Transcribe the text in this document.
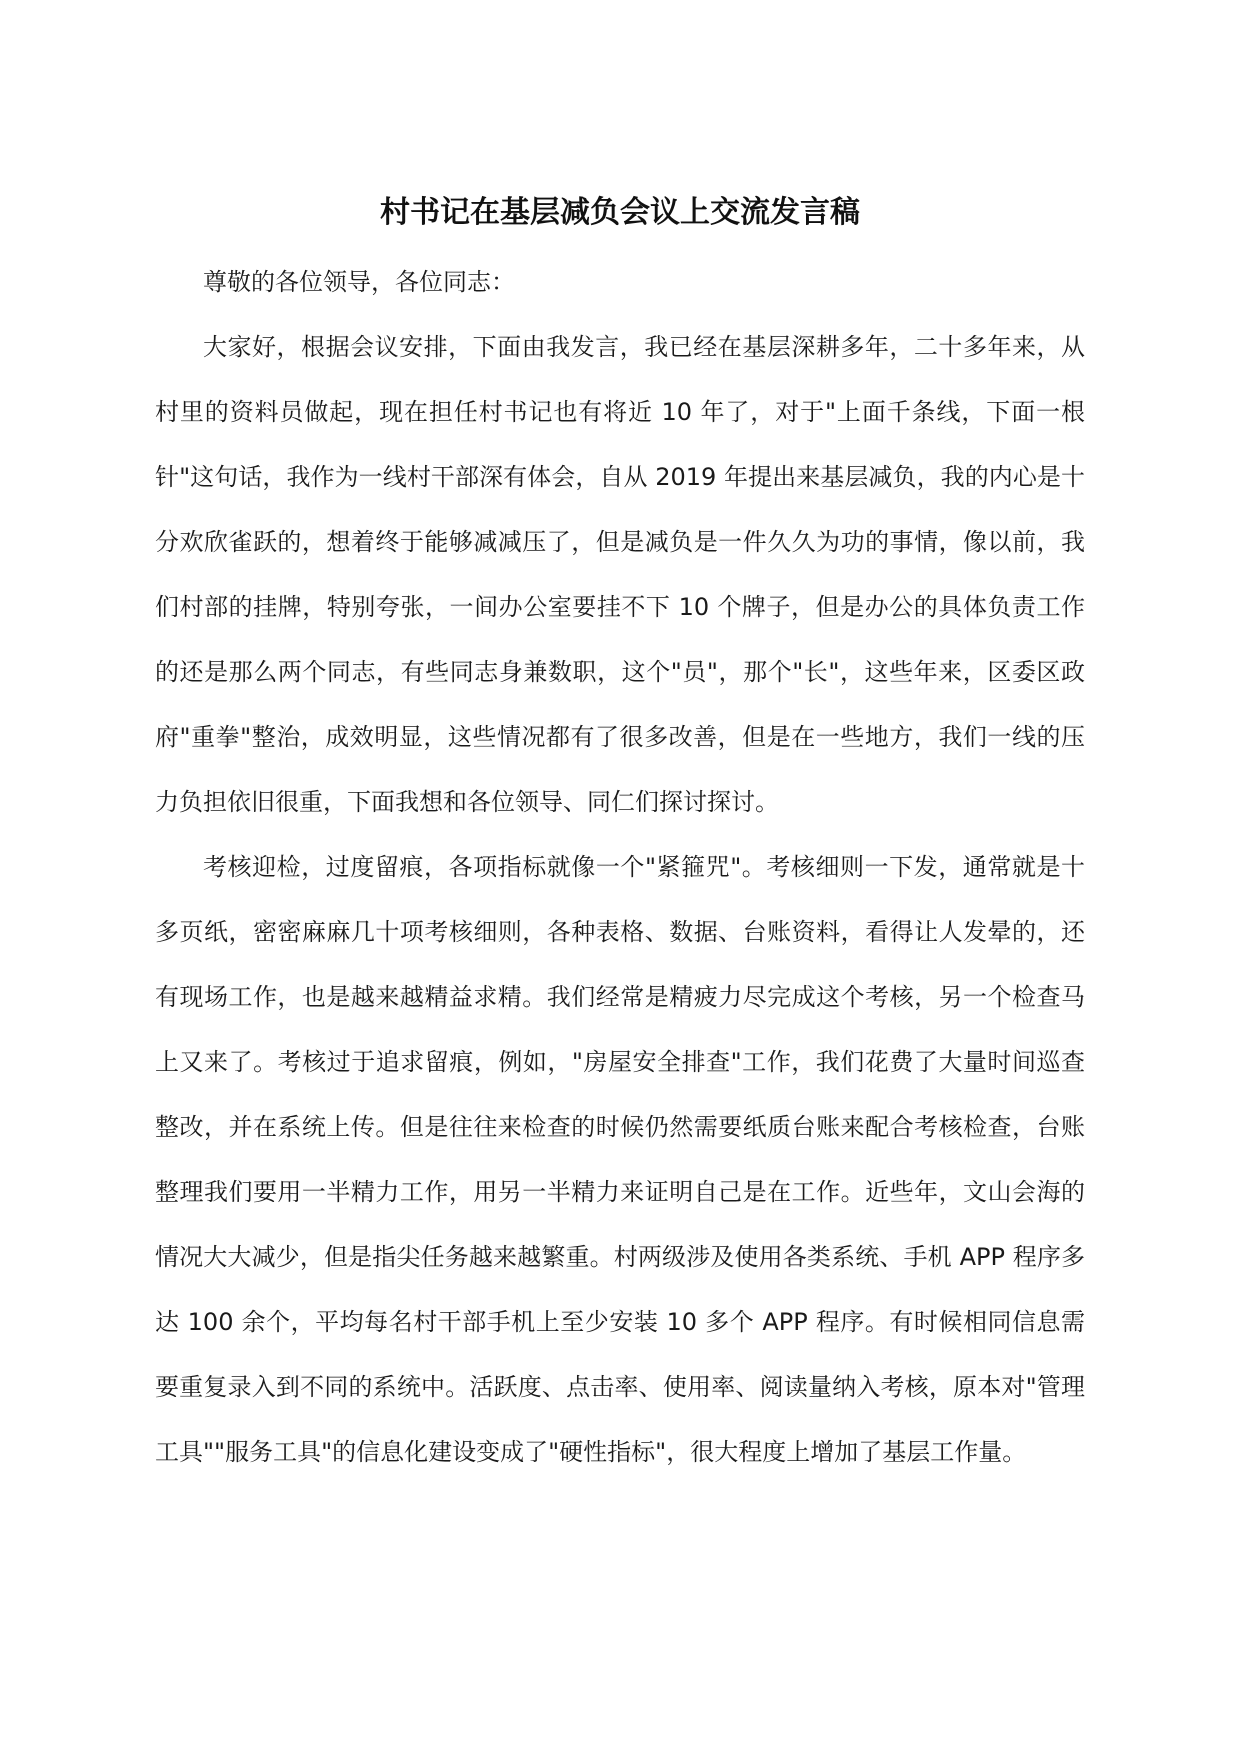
村书记在基层减负会议上交流发言稿

尊敬的各位领导，各位同志：

大家好，根据会议安排，下面由我发言，我已经在基层深耕多年，二十多年来，从村里的资料员做起，现在担任村书记也有将近 10 年了，对于"上面千条线，下面一根针"这句话，我作为一线村干部深有体会，自从 2019 年提出来基层减负，我的内心是十分欢欣雀跃的，想着终于能够减减压了，但是减负是一件久久为功的事情，像以前，我们村部的挂牌，特别夸张，一间办公室要挂不下 10 个牌子，但是办公的具体负责工作的还是那么两个同志，有些同志身兼数职，这个"员"，那个"长"，这些年来，区委区政府"重拳"整治，成效明显，这些情况都有了很多改善，但是在一些地方，我们一线的压力负担依旧很重，下面我想和各位领导、同仁们探讨探讨。

考核迎检，过度留痕，各项指标就像一个"紧箍咒"。考核细则一下发，通常就是十多页纸，密密麻麻几十项考核细则，各种表格、数据、台账资料，看得让人发晕的，还有现场工作，也是越来越精益求精。我们经常是精疲力尽完成这个考核，另一个检查马上又来了。考核过于追求留痕，例如，"房屋安全排查"工作，我们花费了大量时间巡查整改，并在系统上传。但是往往来检查的时候仍然需要纸质台账来配合考核检查，台账整理我们要用一半精力工作，用另一半精力来证明自己是在工作。近些年，文山会海的情况大大减少，但是指尖任务越来越繁重。村两级涉及使用各类系统、手机 APP 程序多达 100 余个，平均每名村干部手机上至少安装 10 多个 APP 程序。有时候相同信息需要重复录入到不同的系统中。活跃度、点击率、使用率、阅读量纳入考核，原本对"管理工具""服务工具"的信息化建设变成了"硬性指标"，很大程度上增加了基层工作量。
